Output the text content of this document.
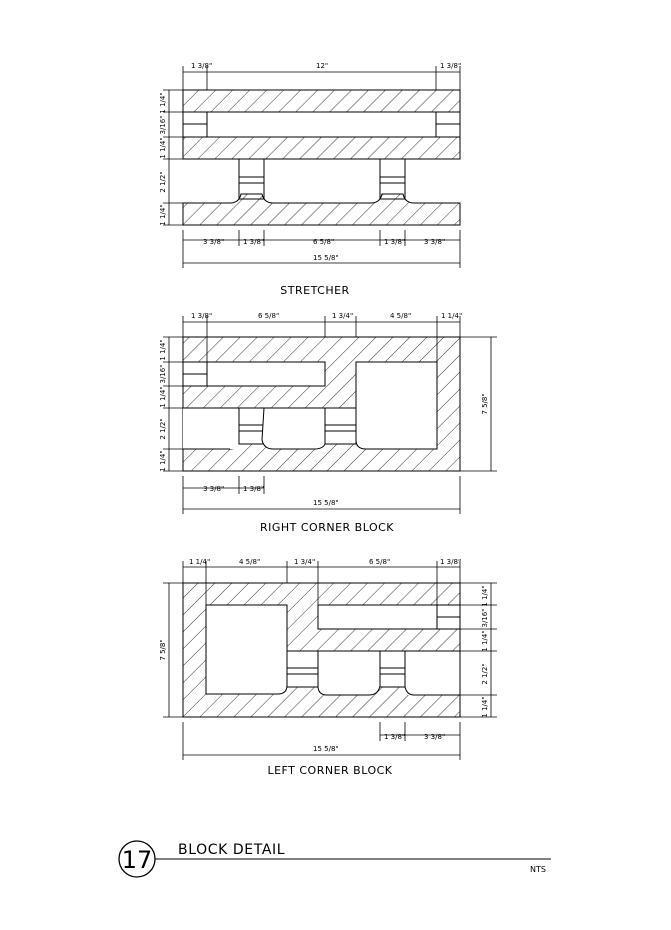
1 3/8"	12"	1 3/8"
1 1/4"
3/16"
1 1/4"
2 1/2"
1 1/4"
3 3/8"	1 3/8"	6 5/8"	1 3/8"	3 3/8"
15 5/8"
STRETCHER
1 3/8"	6 5/8"	1 3/4"	4 5/8"	1 1/4"
1 1/4"
3/16"
1 1/4"
2 1/2"
1 1/4"
7 5/8"
3 3/8"	1 3/8"
15 5/8"
RIGHT CORNER BLOCK
1 1/4"	4 5/8"	1 3/4"	6 5/8"	1 3/8"
1 1/4"
3/16"
1 1/4"
2 1/2"
1 1/4"
7 5/8"
1 3/8"	3 3/8"
15 5/8"
LEFT CORNER BLOCK
17 BLOCK DETAIL
NTS
